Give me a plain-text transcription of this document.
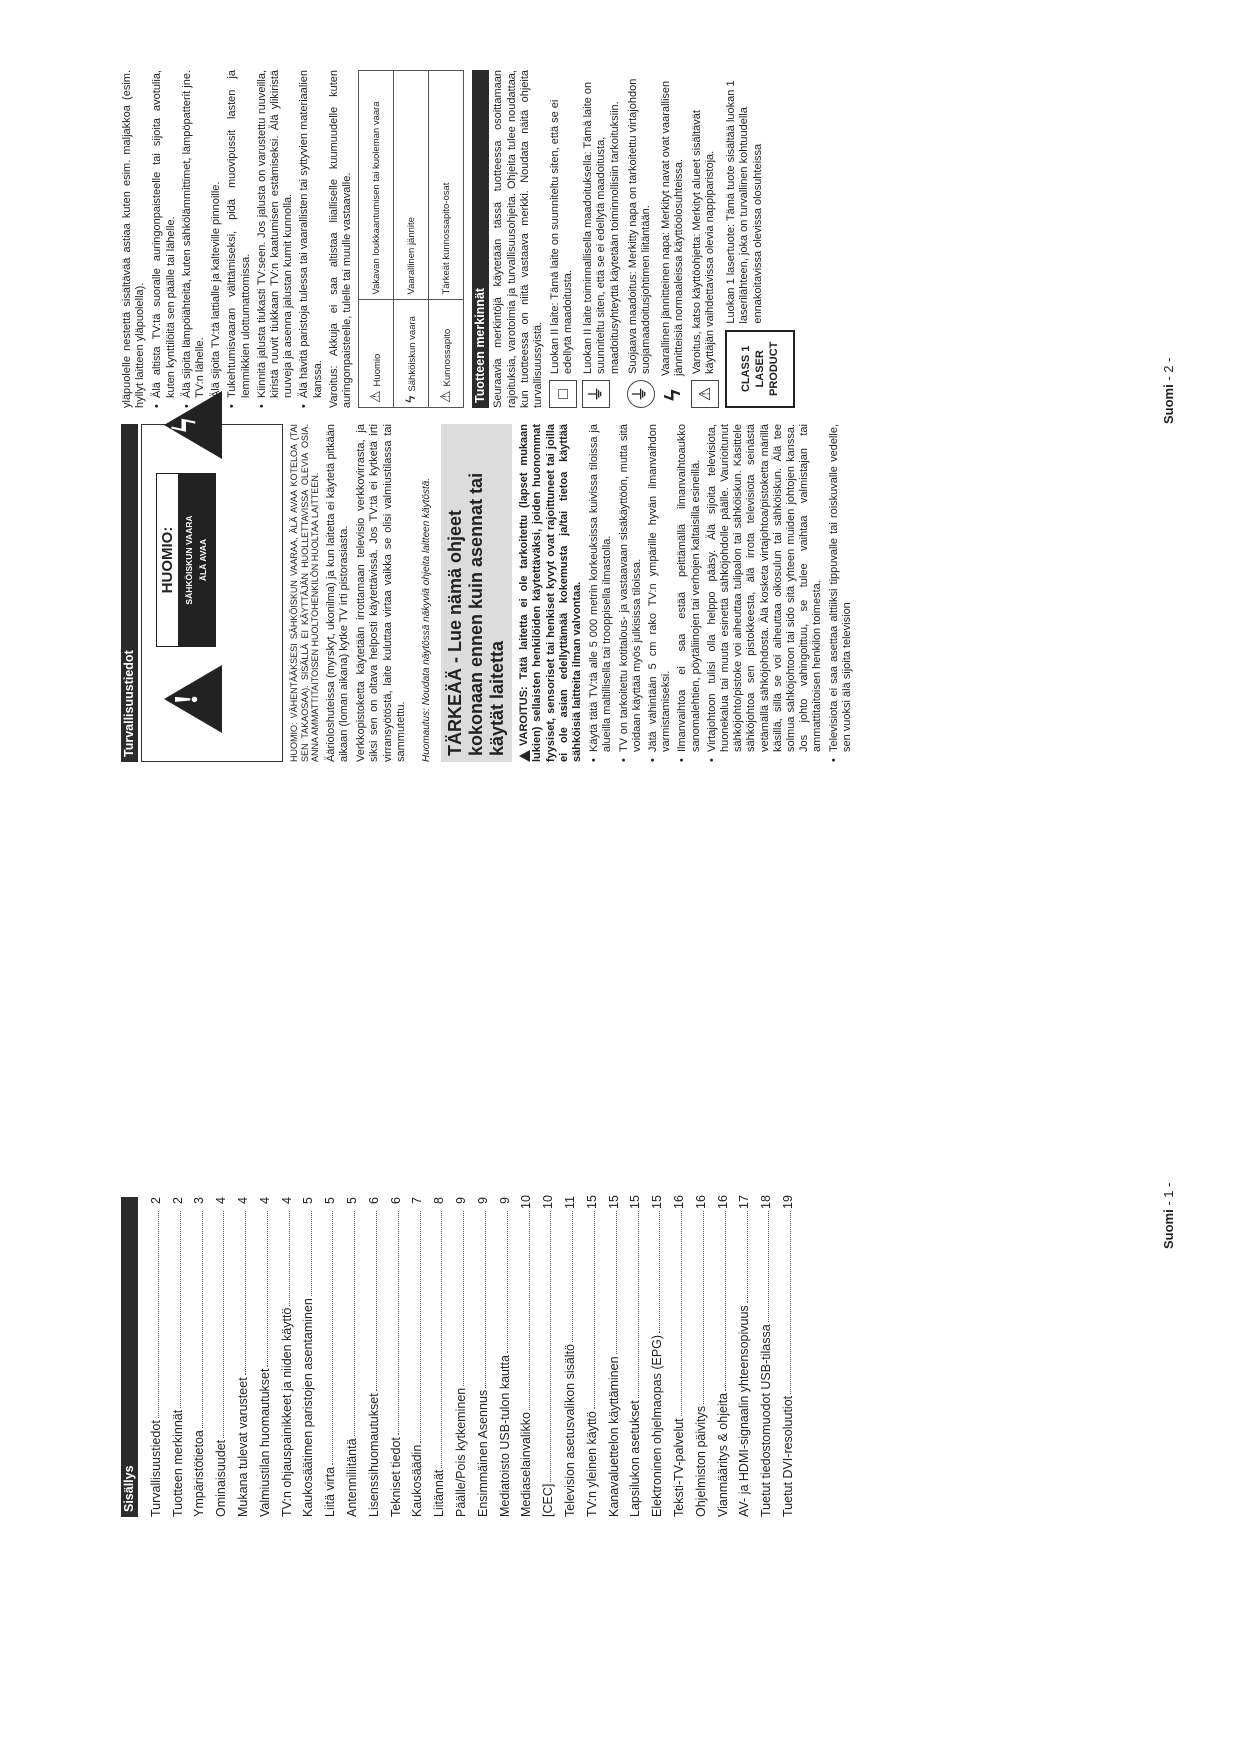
Sisällys Turvallisuustiedot
2
Tuotteen merkinnät
2
Ympäristötietoa
3
Ominaisuudet
4
Mukana tulevat varusteet
4
Valmiustilan huomautukset
4
TV:n ohjauspainikkeet ja niiden käyttö
4
Kaukosäätimen paristojen asentaminen
5
Liitä virta
5
Antenniliitäntä
5
Lisenssihuomautukset
6
Tekniset tiedot
6
Kaukosäädin
7
Liitännät
8
Päälle/Pois kytkeminen
9
Ensimmäinen Asennus
9
Mediatoisto USB-tulon kautta
9
Mediaselainvalikko
10
[CEC]
10
Television asetusvalikon sisältö
11
TV:n yleinen käyttö
15
Kanavaluettelon käyttäminen
15
Lapsilukon asetukset
15
Elektroninen ohjelmaopas (EPG)
15
Teksti-TV-palvelut
16
Ohjelmiston päivitys
16
Vianmääritys & ohjeita
16
AV- ja HDMI-signaalin yhteensopivuus
17
Tuetut tiedostomuodot USB-tilassa
18
Tuetut DVI-resoluutiot
19
Suomi - 1 -
Turvallisuustiedot !
HUOMIO: SÄHKÖISKUN VAARA ÄLÄ AVAA
ϟ	HUOMIO: VÄHENTÄÄKSESI SÄHKÖISKUN VAARAA, ÄLÄ AVAA KOTELOA (TAI SEN TAKAOSAA). SISÄLLÄ EI KÄYTTÄJÄN HUOLLETTAVISSA OLEVIA OSIA. ANNA AMMATTITAITOISEN HUOLTOHENKILÖN HUOLTAA LAITTEEN. Äärioloshuteissa (myrskyt, ukonilma) ja kun laitetta ei käytetä pitkään aikaan (loman aikana) kytke TV irti pistorasiasta. Verkkopistoketta käytetään irrottamaan televisio verkkovirrasta, ja siksi sen on oltava helposti käytettävissä. Jos TV:tä ei kytketä irti virransyötöstä, laite kuluttaa virtaa vaikka se olisi valmiustilassa tai sammutettu. Huomautus: Noudata näytössä näkyviä ohjeita laitteen käytöstä. TÄRKEÄÄ - Lue nämä ohjeet kokonaan ennen kuin asennat tai käytät laitetta	VAROITUS: Tätä laitetta ei ole tarkoitettu (lapset mukaan lukien) sellaisten henkilöiden käytettäväksi, joiden huonommat fyysiset, sensoriset tai henkiset kyvyt ovat rajoittuneet tai joilla ei ole asian edellyttämää kokemusta ja/tai tietoa käyttää sähköisiä laitteita ilman valvontaa. • Käytä tätä TV:tä alle 5 000 metrin korkeuksissa kuivissa tiloissa ja alueilla maltillisella tai trooppisella ilmastolla. • TV on tarkoitettu kotitalous- ja vastaavaan sisäkäyttöön, mutta sitä voidaan käyttää myös julkisissa tiloissa. • Jätä vähintään 5 cm rako TV:n ympärille hyvän ilmanvaihdon varmistamiseksi. • Ilmanvaihtoa ei saa estää peittämällä ilmanvaihtoaukko sanomalehtien, pöytäliinojen tai verhojen kaltaisilla esineillä. • Virtajohtoon tulisi olla helppo pääsy. Älä sijoita televisiota, huonekalua tai muuta esinettä sähköjohdolle päälle. Vaurioitunut sähköjohto/pistoke voi aiheuttaa tulipalon tai sähköiskun. Käsittele sähköjohtoa sen pistokkeesta, älä irrota televisiota seinästä vetämällä sähköjohdosta. Älä kosketa virtajohtoa/pistoketta märillä käsillä, sillä se voi aiheuttaa oikosulun tai sähköiskun. Älä tee solmua sähköjohtoon tai sido sitä yhteen muiden johtojen kanssa. Jos johto vahingoittuu, se tulee vaihtaa valmistajan tai ammattitaitoisen henkilön toimesta. • Televisiota ei saa asettaa alttiiksi tippuvalle tai roiskuvalle vedelle, sen vuoksi älä sijoita television

yläpuolelle nestettä sisältävää astiaa kuten esim. maljakkoa (esim. hyllyt laitteen yläpuolella). • Älä altista TV:tä suoralle auringonpaisteelle tai sijoita avotulia, kuten kynttilöitä sen päälle tai lähelle. • Älä sijoita lämpöiähteitä, kuten sähkölämmittimet, lämpöpatterit jne. TV:n lähelle. • Älä sijoita TV:tä lattialle ja kalteville pinnoille. • Tukehtumisvaaran välttämiseksi, pidä muovipussit lasten ja lemmikkien ulottumattomissa. • Kiinnitä jalusta tiukasti TV:seen. Jos jalusta on varustettu ruuveilla, kiristä ruuvit tiukkaan TV:n kaatumisen estämiseksi. Älä ylikiristä ruuveja ja asenna jalustan kumit kunnolla. • Älä hävitä paristoja tulessa tai vaarallisten tai syttyvien materiaalien kanssa. Varoitus: Akkuja ei saa altistaa liialliselle kuumuudelle kuten auringonpaisteelle, tulelle tai muulle vastaavalle. ⚠Huomio	Vakavan loukkaantumisen tai kuoleman vaara
ϟSähköiskun vaara	Vaarallinen jännite
⚠Kunnossapito	Tärkeät kunnossapito-osat
Tuotteen merkinnät Seuraavia merkintöjä käytetään tässä tuotteessa osoittamaan rajoituksia, varotoimia ja turvallisuusohjeita. Ohjeita tulee noudattaa, kun tuotteessa on niitä vastaava merkki. Noudata näitä ohjeita turvallisuussyistä. □
Luokan II laite: Tämä laite on suunniteltu siten, että se ei edellytä maadoitusta.
⏚
Luokan II laite toiminnallisella maadoituksella: Tämä laite on suunniteltu siten, että se ei edellytä maadoitusta, maadoitusyhteyttä käytetään toiminnollisiin tarkoituksiin.
⏚
Suojaava maadoitus: Merkitty napa on tarkoitettu virtajohdon suojamaadoitusjohtimen liitäntään.
ϟ
Vaarallinen jännitteinen napa: Merkityt navat ovat vaarallisen jännitteisiä normaaleissa käyttöolosuhteissa.
⚠
Varoitus, katso käyttöohjetta: Merkityt alueet sisältävät käyttäjän vaihdettavissa olevia nappiparistoja. CLASS 1 LASER PRODUCT
Luokan 1 lasertuote: Tämä tuote sisältää luokan 1 laserilähteen, joka on turvallinen kohtuudella ennakoitavissa olevissa olosuhteissa
Suomi - 2 -
